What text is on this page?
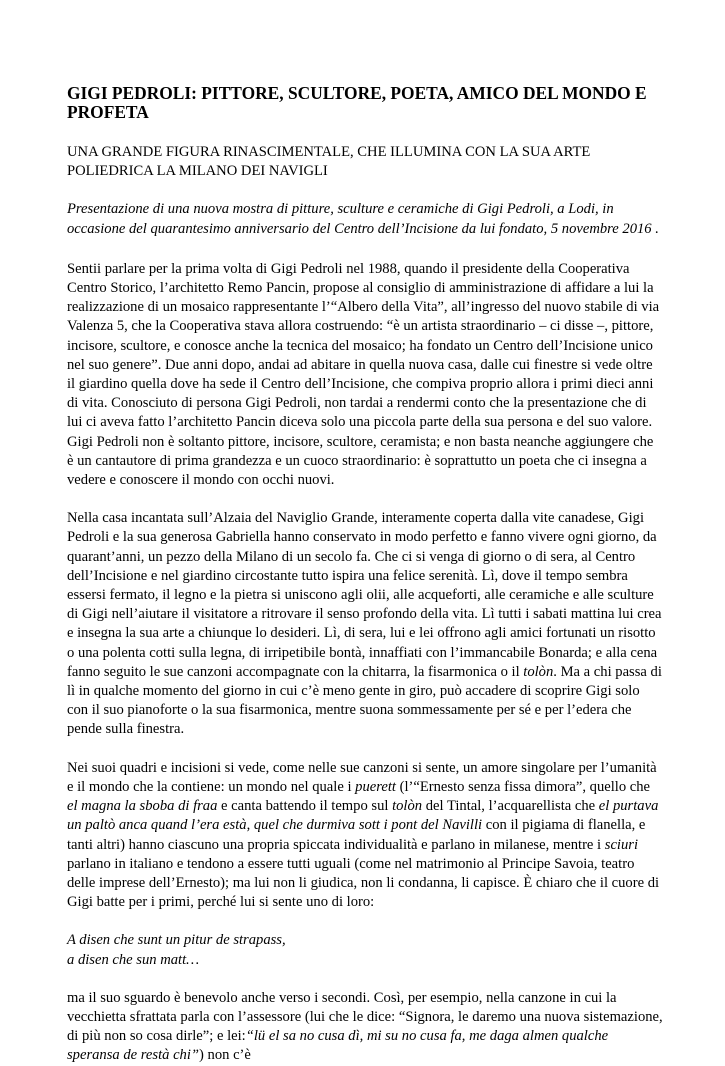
GIGI PEDROLI: PITTORE, SCULTORE, POETA, AMICO DEL MONDO E PROFETA
UNA GRANDE FIGURA RINASCIMENTALE, CHE ILLUMINA CON LA SUA ARTE POLIEDRICA LA MILANO DEI NAVIGLI
Presentazione di una nuova mostra di pitture, sculture e ceramiche di Gigi Pedroli, a Lodi, in occasione del quarantesimo anniversario del Centro dell’Incisione da lui fondato, 5 novembre 2016 .

Sentii parlare per la prima volta di Gigi Pedroli nel 1988, quando il presidente della Cooperativa Centro Storico, l’architetto Remo Pancin, propose al consiglio di amministrazione di affidare a lui la realizzazione di un mosaico rappresentante l’“Albero della Vita”, all’ingresso del nuovo stabile di via Valenza 5, che la Cooperativa stava allora costruendo: “è un artista straordinario – ci disse –, pittore, incisore, scultore, e conosce anche la tecnica del mosaico; ha fondato un Centro dell’Incisione unico nel suo genere”. Due anni dopo, andai ad abitare in quella nuova casa, dalle cui finestre si vede oltre il giardino quella dove ha sede il Centro dell’Incisione, che compiva proprio allora i primi dieci anni di vita. Conosciuto di persona Gigi Pedroli, non tardai a rendermi conto che la presentazione che di lui ci aveva fatto l’architetto Pancin diceva solo una piccola parte della sua persona e del suo valore. Gigi Pedroli non è soltanto pittore, incisore, scultore, ceramista; e non basta neanche aggiungere che è un cantautore di prima grandezza e un cuoco straordinario: è soprattutto un poeta che ci insegna a vedere e conoscere il mondo con occhi nuovi.

Nella casa incantata sull’Alzaia del Naviglio Grande, interamente coperta dalla vite canadese, Gigi Pedroli e la sua generosa Gabriella hanno conservato in modo perfetto e fanno vivere ogni giorno, da quarant’anni, un pezzo della Milano di un secolo fa. Che ci si venga di giorno o di sera, al Centro dell’Incisione e nel giardino circostante tutto ispira una felice serenità. Lì, dove il tempo sembra essersi fermato, il legno e la pietra si uniscono agli olii, alle acqueforti, alle ceramiche e alle sculture di Gigi nell’aiutare il visitatore a ritrovare il senso profondo della vita. Lì tutti i sabati mattina lui crea e insegna la sua arte a chiunque lo desideri. Lì, di sera, lui e lei offrono agli amici fortunati un risotto o una polenta cotti sulla legna, di irripetibile bontà, innaffiati con l’immancabile Bonarda; e alla cena fanno seguito le sue canzoni accompagnate con la chitarra, la fisarmonica o il tolòn. Ma a chi passa di lì in qualche momento del giorno in cui c’è meno gente in giro, può accadere di scoprire Gigi solo con il suo pianoforte o la sua fisarmonica, mentre suona sommessamente per sé e per l’edera che pende sulla finestra.

Nei suoi quadri e incisioni si vede, come nelle sue canzoni si sente, un amore singolare per l’umanità e il mondo che la contiene: un mondo nel quale i puerett (l’“Ernesto senza fissa dimora”, quello che el magna la sboba di fraa e canta battendo il tempo sul tolòn del Tintal, l’acquarellista che el purtava un paltò anca quand l’era està, quel che durmiva sott i pont del Navilli con il pigiama di flanella, e tanti altri) hanno ciascuno una propria spiccata individualità e parlano in milanese, mentre i sciuri parlano in italiano e tendono a essere tutti uguali (come nel matrimonio al Principe Savoia, teatro delle imprese dell’Ernesto); ma lui non li giudica, non li condanna, li capisce. È chiaro che il cuore di Gigi batte per i primi, perché lui si sente uno di loro:

A disen che sunt un pitur de strapass,
a disen che sun matt…

ma il suo sguardo è benevolo anche verso i secondi. Così, per esempio, nella canzone in cui la vecchietta sfrattata parla con l’assessore (lui che le dice: “Signora, le daremo una nuova sistemazione, di più non so cosa dirle”; e lei:“lü el sa no cusa dì, mi su no cusa fa, me daga almen qualche speransa de restà chi”) non c’è
